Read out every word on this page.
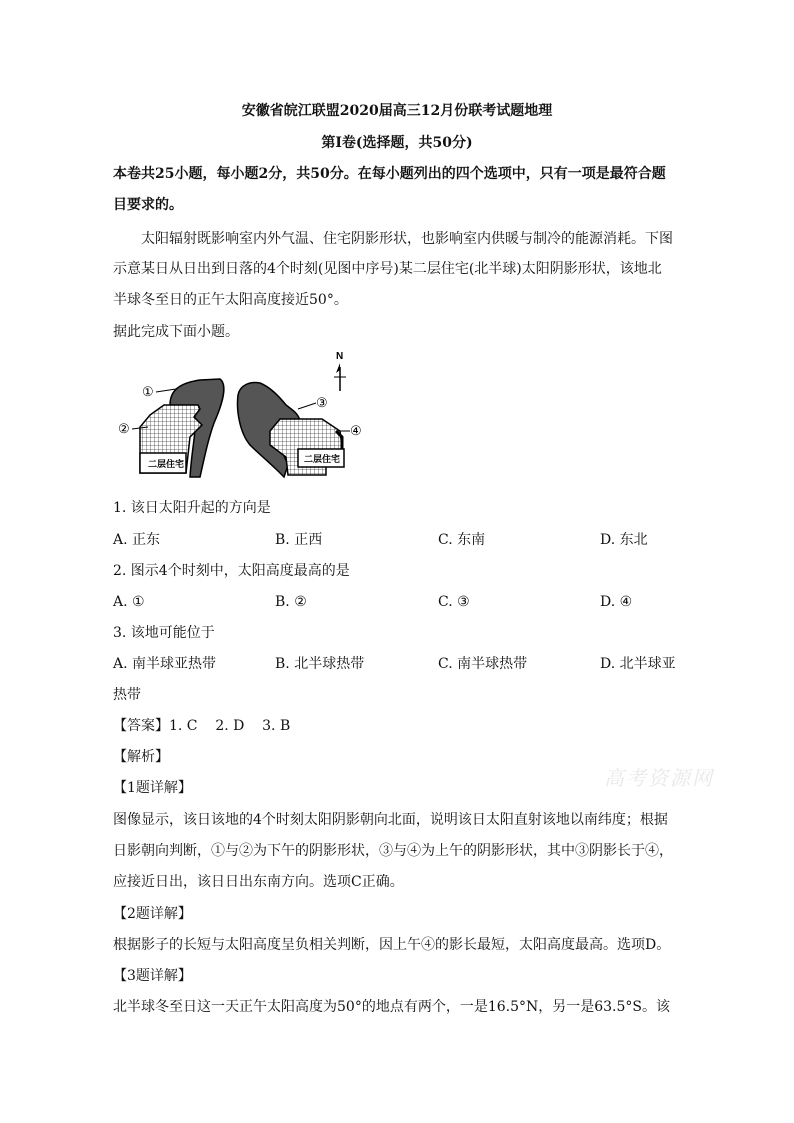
安徽省皖江联盟2020届高三12月份联考试题地理
第Ⅰ卷(选择题，共50分)
本卷共25小题，每小题2分，共50分。在每小题列出的四个选项中，只有一项是最符合题
目要求的。
太阳辐射既影响室内外气温、住宅阴影形状，也影响室内供暖与制冷的能源消耗。下图
示意某日从日出到日落的4个时刻(见图中序号)某二层住宅(北半球)太阳阴影形状，该地北
半球冬至日的正午太阳高度接近50°。
据此完成下面小题。
N
二层住宅	二层住宅
①
②
③
④
1. 该日太阳升起的方向是
A. 正东	B. 正西	C. 东南	D. 东北
2. 图示4个时刻中，太阳高度最高的是
A. ①	B. ②	C. ③	D. ④
3. 该地可能位于
A. 南半球亚热带	B. 北半球热带	C. 南半球热带	D. 北半球亚
热带
【答案】1. C    2. D    3. B
【解析】
高考资源网
【1题详解】
图像显示，该日该地的4个时刻太阳阴影朝向北面，说明该日太阳直射该地以南纬度；根据
日影朝向判断，①与②为下午的阴影形状，③与④为上午的阴影形状，其中③阴影长于④，
应接近日出，该日日出东南方向。选项C正确。
【2题详解】
根据影子的长短与太阳高度呈负相关判断，因上午④的影长最短，太阳高度最高。选项D。
【3题详解】
北半球冬至日这一天正午太阳高度为50°的地点有两个，一是16.5°N，另一是63.5°S。该
